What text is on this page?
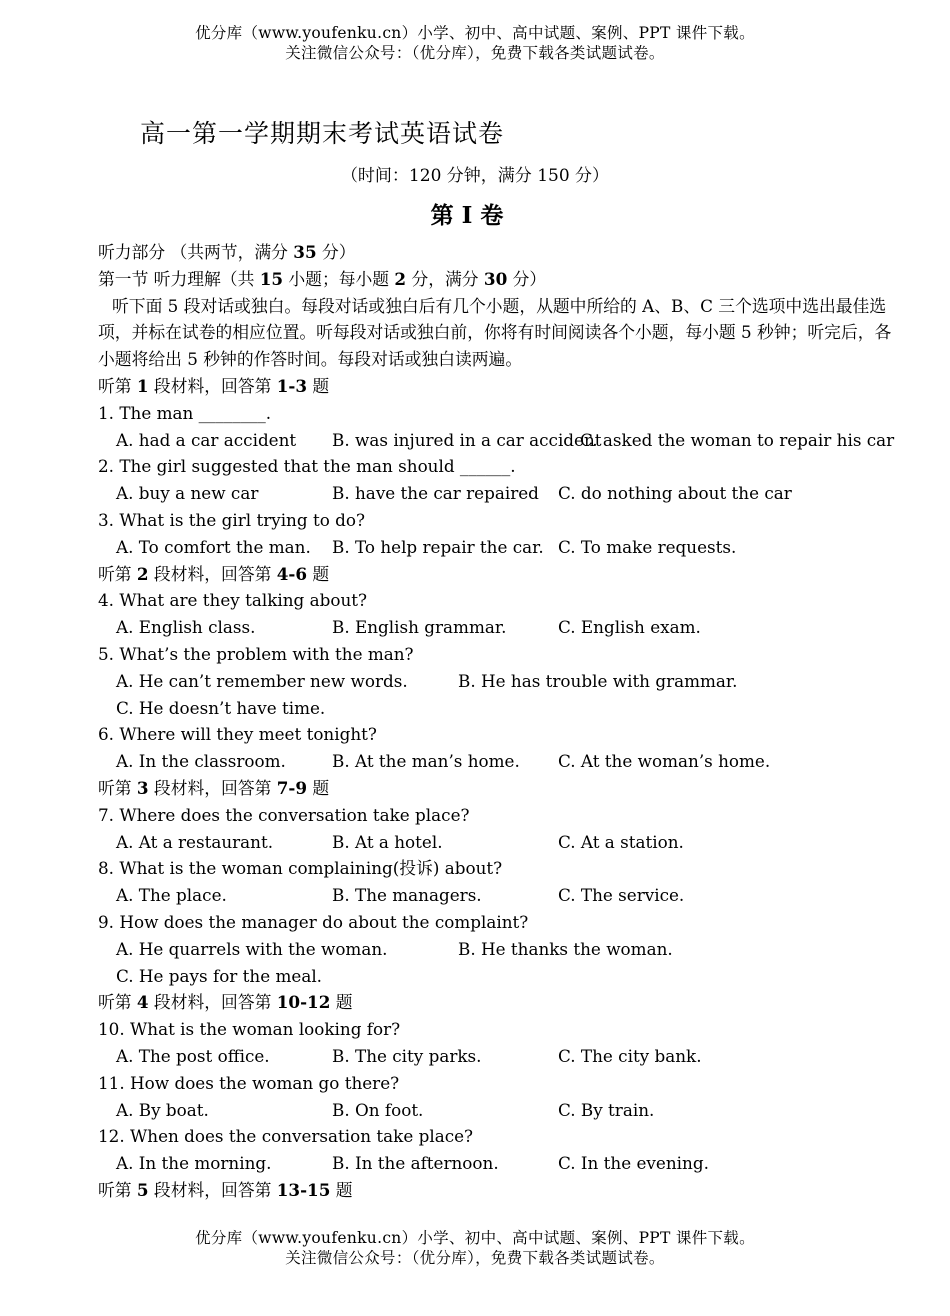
优分库（www.youfenku.cn）小学、初中、高中试题、案例、PPT 课件下载。
关注微信公众号：（优分库），免费下载各类试题试卷。
高一第一学期期末考试英语试卷
（时间：120 分钟，满分 150 分）
第 I 卷
听力部分 （共两节，满分 35 分）
第一节 听力理解（共 15 小题；每小题 2 分，满分 30 分）

听下面 5 段对话或独白。每段对话或独白后有几个小题，从题中所给的 A、B、C 三个选项中选出最佳选项，并标在试卷的相应位置。听每段对话或独白前，你将有时间阅读各个小题，每小题 5 秒钟；听完后，各小题将给出 5 秒钟的作答时间。每段对话或独白读两遍。

听第 1 段材料，回答第 1-3 题
1. The man ________.
A. had a car accident B. was injured in a car accident
C. asked the woman to repair his car
2. The girl suggested that the man should ______.
A. buy a new car	B. have the car repaired C. do nothing about the car
3. What is the girl trying to do?
A. To comfort the man. B. To help repair the car. C. To make requests.
听第 2 段材料，回答第 4-6 题
4. What are they talking about?
A. English class.	B. English grammar.	C. English exam.
5. What’s the problem with the man?
A. He can’t remember new words.	B. He has trouble with grammar.
C. He doesn’t have time.
6. Where will they meet tonight?
A. In the classroom.	B. At the man’s home. C. At the woman’s home.
听第 3 段材料，回答第 7-9 题
7. Where does the conversation take place?
A. At a restaurant.	B. At a hotel.	C. At a station.
8. What is the woman complaining(投诉) about?
A. The place.	B. The managers.	C. The service.
9. How does the manager do about the complaint?
A. He quarrels with the woman.	B. He thanks the woman.
C. He pays for the meal.
听第 4 段材料，回答第 10-12 题
10. What is the woman looking for?
A. The post office.	B. The city parks.	C. The city bank.
11. How does the woman go there?
A. By boat.	B. On foot.	C. By train.
12. When does the conversation take place?
A. In the morning.	B. In the afternoon.	C. In the evening.
听第 5 段材料，回答第 13-15 题
优分库（www.youfenku.cn）小学、初中、高中试题、案例、PPT 课件下载。
关注微信公众号：（优分库），免费下载各类试题试卷。
